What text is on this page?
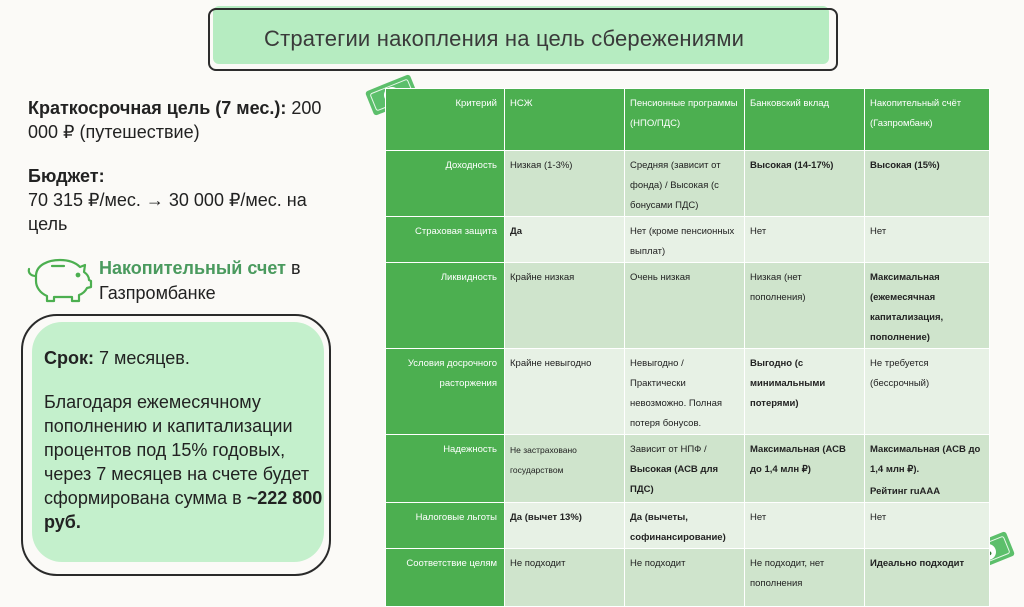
Стратегии накопления на цель сбережениями
Краткосрочная цель (7 мес.): 200 000 ₽ (путешествие)
Бюджет:
70 315 ₽/мес. → 30 000 ₽/мес. на цель
Накопительный счет в Газпромбанке

Срок: 7 месяцев.

Благодаря ежемесячному пополнению и капитализации процентов под 15% годовых, через 7 месяцев на счете будет сформирована сумма в ~222 800 руб.

Критерий	НСЖ	Пенсионные программы (НПО/ПДС)	Банковский вклад	Накопительный счёт (Газпромбанк)
Доходность	Низкая (1-3%)	Средняя (зависит от фонда) / Высокая (с бонусами ПДС)	Высокая (14-17%)	Высокая (15%)
Страховая защита	Да	Нет (кроме пенсионных выплат)	Нет	Нет
Ликвидность	Крайне низкая	Очень низкая	Низкая (нет пополнения)	Максимальная (ежемесячная капитализация, пополнение)
Условия досрочного расторжения	Крайне невыгодно	Невыгодно / Практически невозможно. Полная потеря бонусов.	Выгодно (с минимальными потерями)	Не требуется (бессрочный)
Надежность	Не застраховано государством	Зависит от НПФ / Высокая (АСВ для ПДС)	Максимальная (АСВ до 1,4 млн ₽)	Максимальная (АСВ до 1,4 млн ₽).
Рейтинг ruAAA

Налоговые льготы	Да (вычет 13%)	Да (вычеты, софинансирование)	Нет	Нет
Соответствие целям	Не подходит	Не подходит	Не подходит, нет пополнения	Идеально подходит
